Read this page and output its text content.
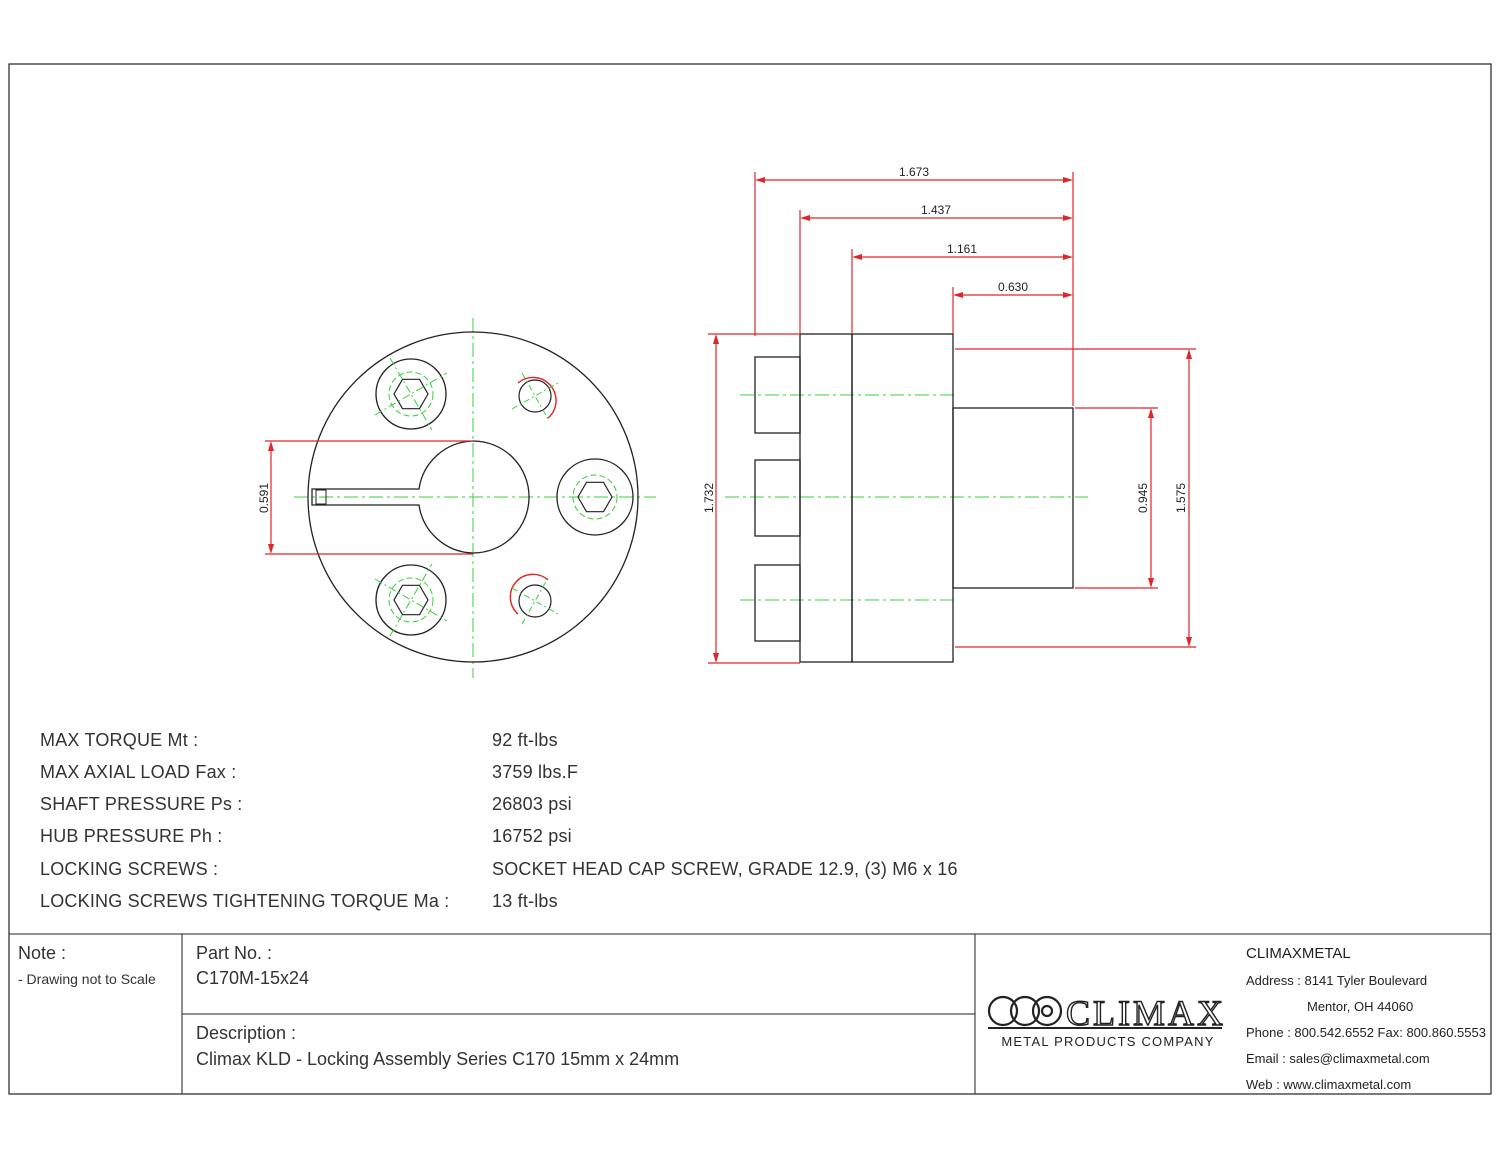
0.591
1.673
1.437
1.161
0.630
1.732	0.945 1.575
CLIMAX
METAL PRODUCTS COMPANY
MAX TORQUE Mt :	92 ft-lbs
MAX AXIAL LOAD Fax :	3759 lbs.F
SHAFT PRESSURE Ps :	26803 psi
HUB PRESSURE Ph :	16752 psi
LOCKING SCREWS :	SOCKET HEAD CAP SCREW, GRADE 12.9, (3) M6 x 16
LOCKING SCREWS TIGHTENING TORQUE Ma : 13 ft-lbs
Note :
- Drawing not to Scale
Part No. :
C170M-15x24
Description :
Climax KLD - Locking Assembly Series C170 15mm x 24mm
CLIMAXMETAL
Address : 8141 Tyler Boulevard
Mentor, OH 44060
Phone : 800.542.6552 Fax: 800.860.5553
Email : sales@climaxmetal.com
Web : www.climaxmetal.com
